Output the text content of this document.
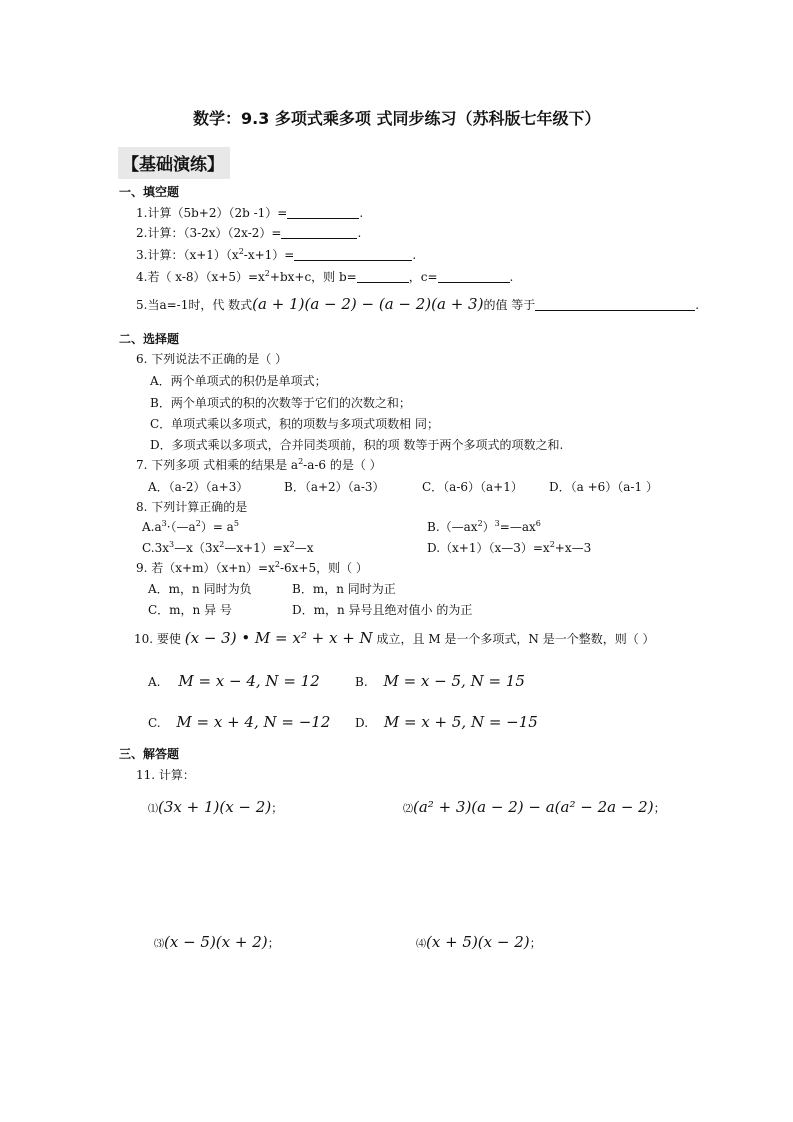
数学：9.3 多项式乘多项 式同步练习（苏科版七年级下）
【基础演练】
一、填空题
1.计算（5b+2）（2b -1）=	.
2.计算：（3-2x）（2x-2）=	.
3.计算：$(x+1)(x^2-x+1)=$	.
4.若（ $x-8)(x+5)=x^2+bx+c$，则 b=	，c=	.
5.当a=-1时，代 数式(a + 1)(a − 2) − (a − 2)(a + 3)的值 等于	.
二、选择题
6. 下列说法不正确的是（ ）
A．两个单项式的积仍是单项式；
B．两个单项式的积的次数等于它们的次数之和；
C．单项式乘以多项式，积的项数与多项式项数相 同；
D．多项式乘以多项式，合并同类项前，积的项 数等于两个多项式的项数之和.
7. 下列多项 式相乘的结果是 $a^2-a-6$ 的是（ ）
A．（a-2）（a+3）	B．（a+2）（a-3）	C．（a-6）（a+1） D．（a +6）（a-1 ）
8. 下列计算正确的是
$A.a^3\cdot(—a^2)= a^5$	$B.(—ax^2)^3=—ax^6$
$C.3x^3—x(3x^2—x+1)=x^2—x$	$D.(x+1)(x—3)=x^2+x—3$
9. 若$(x+m)(x+n)=x^2-6x+5$，则（ ）
A．m，n 同时为负	B．m，n 同时为正
C．m，n 异 号	D．m，n 异号且绝对值小 的为正
10. 要使 (x − 3) • M = x² + x + N 成立，且 M 是一个多项式，N 是一个整数，则（ ）
A. M = x − 4, N = 12	B. M = x − 5, N = 15
C. M = x + 4, N = −12 D. M = x + 5, N = −15
三、解答题
11. 计算：
⑴(3x + 1)(x − 2)；	⑵(a² + 3)(a − 2) − a(a² − 2a − 2)；
⑶(x − 5)(x + 2)；	⑷(x + 5)(x − 2)；
